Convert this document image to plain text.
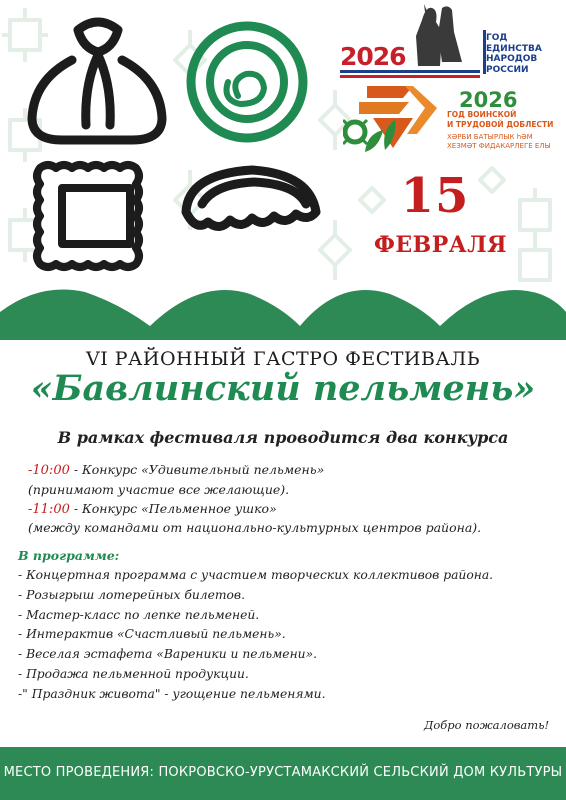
2026
ГОД
ЕДИНСТВА
НАРОДОВ
РОССИИ
2026
ГОД ВОИНСКОЙ
И ТРУДОВОЙ ДОБЛЕСТИ
ХӘРБИ БАТЫРЛЫК һӘМ
ХЕЗМӘТ ФИДАКАРЛЕГЕ ЕЛЫ
15
ФЕВРАЛЯ
VI РАЙОННЫЙ ГАСТРО ФЕСТИВАЛЬ
«Бавлинский пельмень»
В рамках фестиваля проводится два конкурса
-10:00 - Конкурс «Удивительный пельмень»
(принимают участие все желающие).
-11:00 - Конкурс «Пельменное ушко»
(между командами от национально-культурных центров района).
В программе:
- Концертная программа с участием творческих коллективов района.
- Розыгрыш лотерейных билетов.
- Мастер-класс по лепке пельменей.
- Интерактив «Счастливый пельмень».
- Веселая эстафета «Вареники и пельмени».
- Продажа пельменной продукции.
-" Праздник живота" - угощение пельменями.
Добро пожаловать!
МЕСТО ПРОВЕДЕНИЯ: ПОКРОВСКО-УРУСТАМАКСКИЙ СЕЛЬСКИЙ ДОМ КУЛЬТУРЫ
